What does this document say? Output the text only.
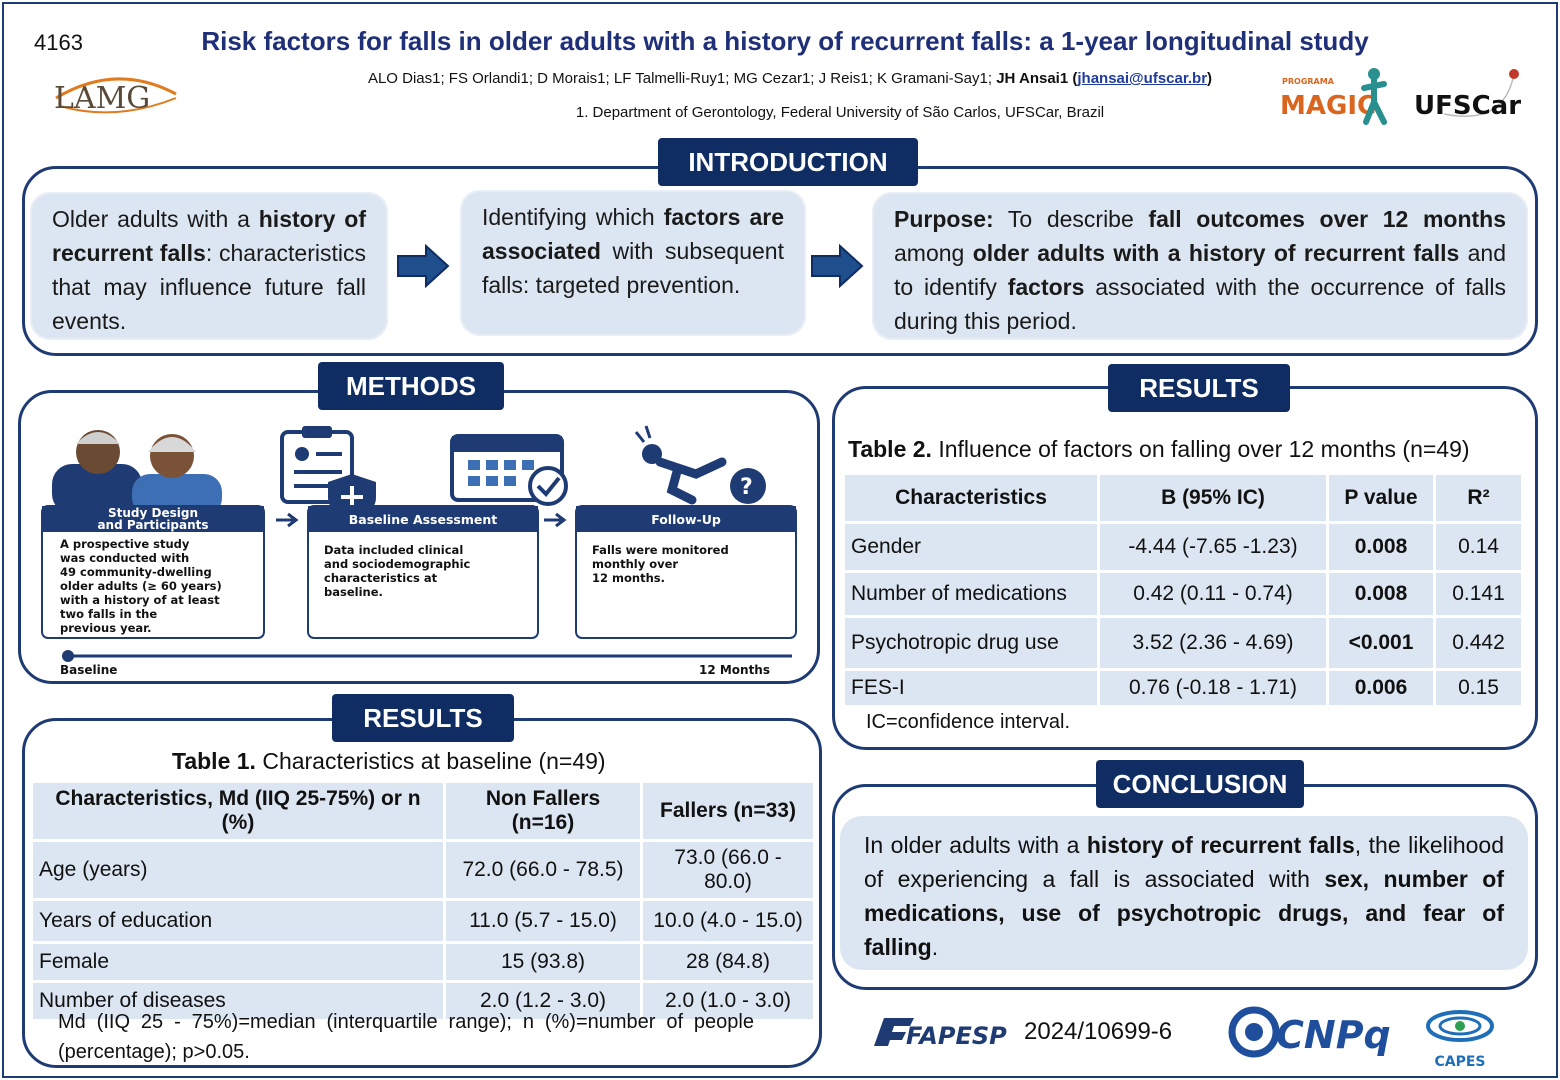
4163	Risk factors for falls in older adults with a history of recurrent falls: a 1-year longitudinal study
ALO Dias1; FS Orlandi1; D Morais1; LF Talmelli-Ruy1; MG Cezar1; J Reis1; K Gramani-Say1; JH Ansai1 (jhansai@ufscar.br)
1. Department of Gerontology, Federal University of São Carlos, UFSCar, Brazil
LAMG	PROGRAMA
MAGIC UFSCar
INTRODUCTION
Older adults with a history of recurrent falls: characteristics that may influence future fall events.
Identifying which factors are associated with subsequent falls: targeted prevention.
Purpose: To describe fall outcomes over 12 months among older adults with a history of recurrent falls and to identify factors associated with the occurrence of falls during this period.
METHODS
?
Study Design
and Participants
A prospective study
was conducted with
49 community-dwelling
older adults (≥ 60 years)
with a history of at least
two falls in the
previous year.
Baseline Assessment
Data included clinical
and sociodemographic
characteristics at
baseline.
Follow-Up
Falls were monitored
monthly over
12 months.
Baseline	12 Months
RESULTS
Table 1. Characteristics at baseline (n=49)
Characteristics, Md (IIQ 25-75%) or n (%)	Non Fallers (n=16)	Fallers (n=33)
Age (years)	72.0 (66.0 - 78.5)	73.0 (66.0 - 80.0)
Years of education	11.0 (5.7 - 15.0)	10.0 (4.0 - 15.0)
Female	15 (93.8)	28 (84.8)
Number of diseases	2.0 (1.2 - 3.0)	2.0 (1.0 - 3.0)
Md (IIQ 25 - 75%)=median (interquartile range); n (%)=number of people (percentage); p>0.05.
RESULTS
Table 2. Influence of factors on falling over 12 months (n=49)
Characteristics	B (95% IC)	P value	R²
Gender	-4.44 (-7.65 -1.23)	0.008	0.14
Number of medications	0.42 (0.11 - 0.74)	0.008	0.141
Psychotropic drug use	3.52 (2.36 - 4.69)	<0.001	0.442
FES-I	0.76 (-0.18 - 1.71)	0.006	0.15
IC=confidence interval.
CONCLUSION
In older adults with a history of recurrent falls, the likelihood of experiencing a fall is associated with sex, number of medications, use of psychotropic drugs, and fear of falling.
FAPESP 2024/10699-6	CNPq
CAPES
